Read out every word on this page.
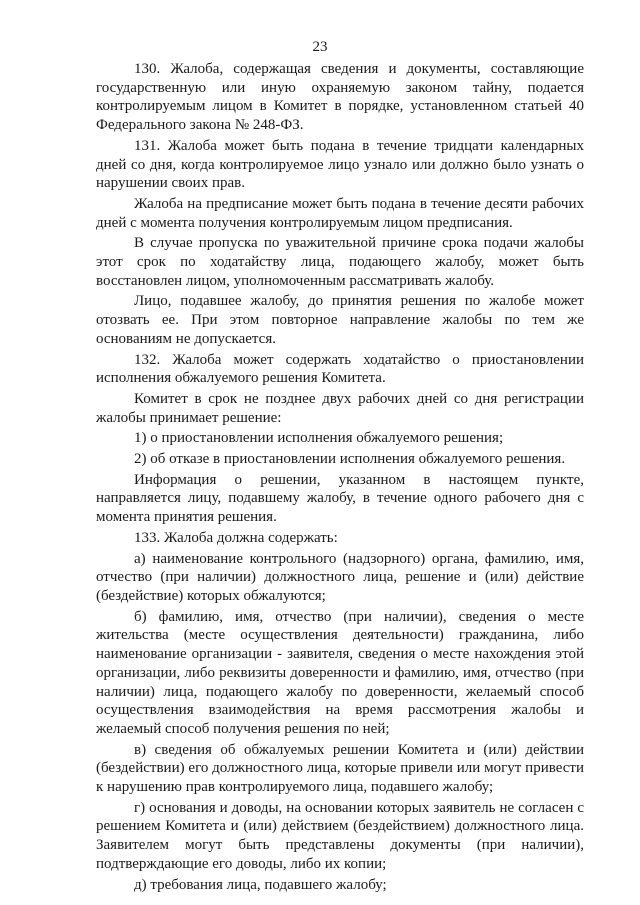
23

130. Жалоба, содержащая сведения и документы, составляющие государственную или иную охраняемую законом тайну, подается контролируемым лицом в Комитет в порядке, установленном статьей 40 Федерального закона № 248-ФЗ.

131. Жалоба может быть подана в течение тридцати календарных дней со дня, когда контролируемое лицо узнало или должно было узнать о нарушении своих прав.

Жалоба на предписание может быть подана в течение десяти рабочих дней с момента получения контролируемым лицом предписания.

В случае пропуска по уважительной причине срока подачи жалобы этот срок по ходатайству лица, подающего жалобу, может быть восстановлен лицом, уполномоченным рассматривать жалобу.

Лицо, подавшее жалобу, до принятия решения по жалобе может отозвать ее. При этом повторное направление жалобы по тем же основаниям не допускается.

132. Жалоба может содержать ходатайство о приостановлении исполнения обжалуемого решения Комитета.

Комитет в срок не позднее двух рабочих дней со дня регистрации жалобы принимает решение:

1) о приостановлении исполнения обжалуемого решения;

2) об отказе в приостановлении исполнения обжалуемого решения.

Информация о решении, указанном в настоящем пункте, направляется лицу, подавшему жалобу, в течение одного рабочего дня с момента принятия решения.

133. Жалоба должна содержать:

а) наименование контрольного (надзорного) органа, фамилию, имя, отчество (при наличии) должностного лица, решение и (или) действие (бездействие) которых обжалуются;

б) фамилию, имя, отчество (при наличии), сведения о месте жительства (месте осуществления деятельности) гражданина, либо наименование организации - заявителя, сведения о месте нахождения этой организации, либо реквизиты доверенности и фамилию, имя, отчество (при наличии) лица, подающего жалобу по доверенности, желаемый способ осуществления взаимодействия на время рассмотрения жалобы и желаемый способ получения решения по ней;

в) сведения об обжалуемых решении Комитета и (или) действии (бездействии) его должностного лица, которые привели или могут привести к нарушению прав контролируемого лица, подавшего жалобу;

г) основания и доводы, на основании которых заявитель не согласен с решением Комитета и (или) действием (бездействием) должностного лица. Заявителем могут быть представлены документы (при наличии), подтверждающие его доводы, либо их копии;

д) требования лица, подавшего жалобу;
